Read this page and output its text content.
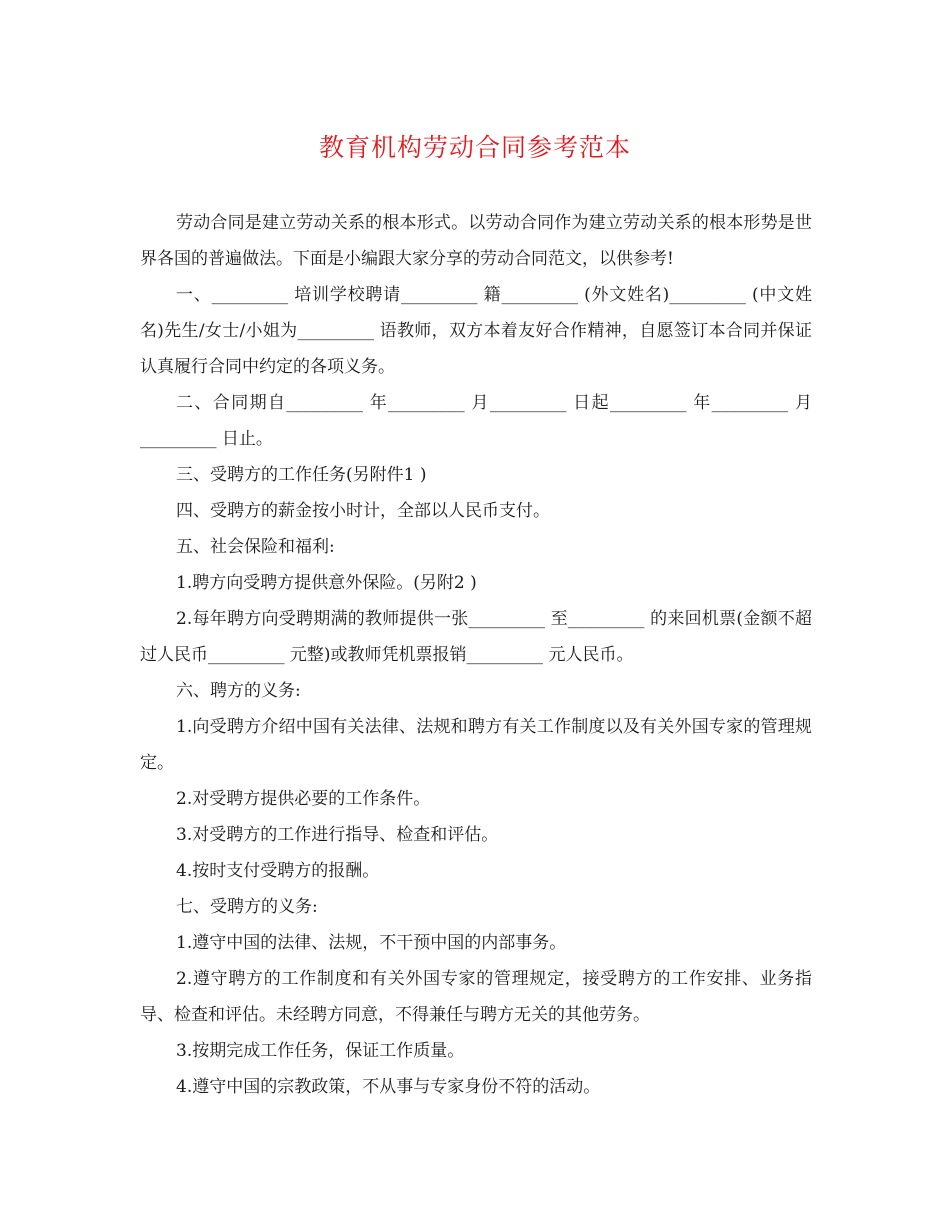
教育机构劳动合同参考范本

劳动合同是建立劳动关系的根本形式。以劳动合同作为建立劳动关系的根本形势是世界各国的普遍做法。下面是小编跟大家分享的劳动合同范文，以供参考!

一、_________ 培训学校聘请_________ 籍_________ (外文姓名)_________ (中文姓名)先生/女士/小姐为_________ 语教师，双方本着友好合作精神，自愿签订本合同并保证认真履行合同中约定的各项义务。

二、合同期自_________ 年_________ 月_________ 日起_________ 年_________ 月_________ 日止。

三、受聘方的工作任务(另附件1 )

四、受聘方的薪金按小时计，全部以人民币支付。

五、社会保险和福利:

1.聘方向受聘方提供意外保险。(另附2 )

2.每年聘方向受聘期满的教师提供一张_________ 至_________ 的来回机票(金额不超过人民币_________ 元整)或教师凭机票报销_________ 元人民币。

六、聘方的义务:

1.向受聘方介绍中国有关法律、法规和聘方有关工作制度以及有关外国专家的管理规定。

2.对受聘方提供必要的工作条件。

3.对受聘方的工作进行指导、检查和评估。

4.按时支付受聘方的报酬。

七、受聘方的义务:

1.遵守中国的法律、法规，不干预中国的内部事务。

2.遵守聘方的工作制度和有关外国专家的管理规定，接受聘方的工作安排、业务指导、检查和评估。未经聘方同意，不得兼任与聘方无关的其他劳务。

3.按期完成工作任务，保证工作质量。

4.遵守中国的宗教政策，不从事与专家身份不符的活动。
